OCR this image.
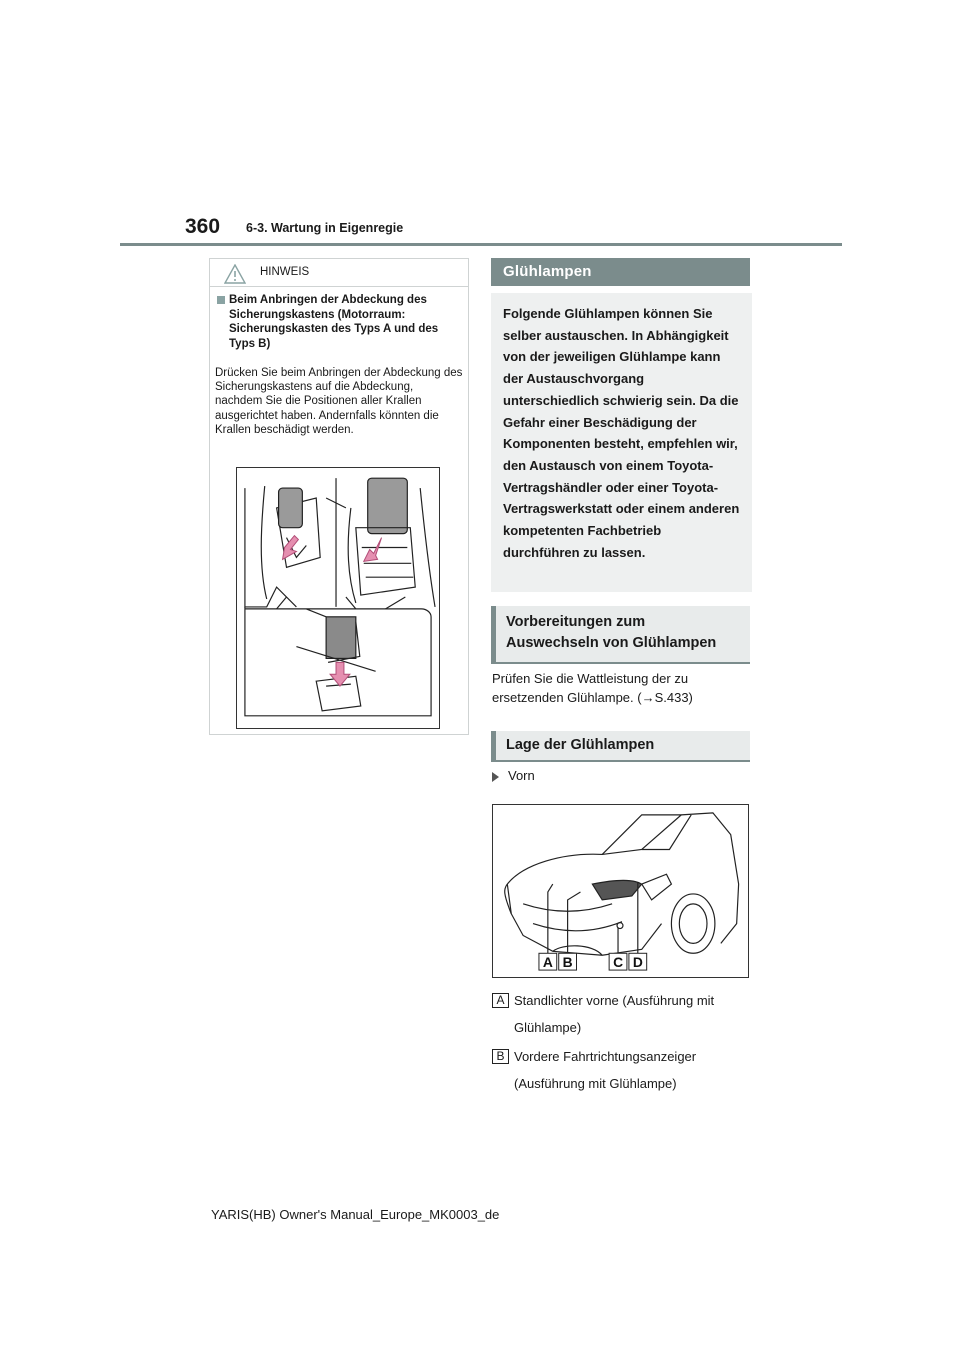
360 6-3. Wartung in Eigenregie
HINWEIS
Beim Anbringen der Abdeckung des Sicherungskastens (Motorraum: Sicherungskasten des Typs A und des Typs B)
Drücken Sie beim Anbringen der Abdeckung des Sicherungskastens auf die Abdeckung, nachdem Sie die Positionen aller Krallen ausgerichtet haben. Andernfalls könnten die Krallen beschädigt werden.
Glühlampen
Folgende Glühlampen können Sie selber austauschen. In Abhängigkeit von der jeweiligen Glühlampe kann der Austauschvorgang unterschiedlich schwierig sein. Da die Gefahr einer Beschädigung der Komponenten besteht, empfehlen wir, den Austausch von einem Toyota-Vertragshändler oder einer Toyota-Vertragswerkstatt oder einem anderen kompetenten Fachbetrieb durchführen zu lassen.
Vorbereitungen zum Auswechseln von Glühlampen
Prüfen Sie die Wattleistung der zu ersetzenden Glühlampe. (→S.433)
Lage der Glühlampen
Vorn
A B	C D
A Standlichter vorne (Ausführung mit
Glühlampe)
B Vordere Fahrtrichtungsanzeiger
(Ausführung mit Glühlampe)
YARIS(HB) Owner's Manual_Europe_MK0003_de
